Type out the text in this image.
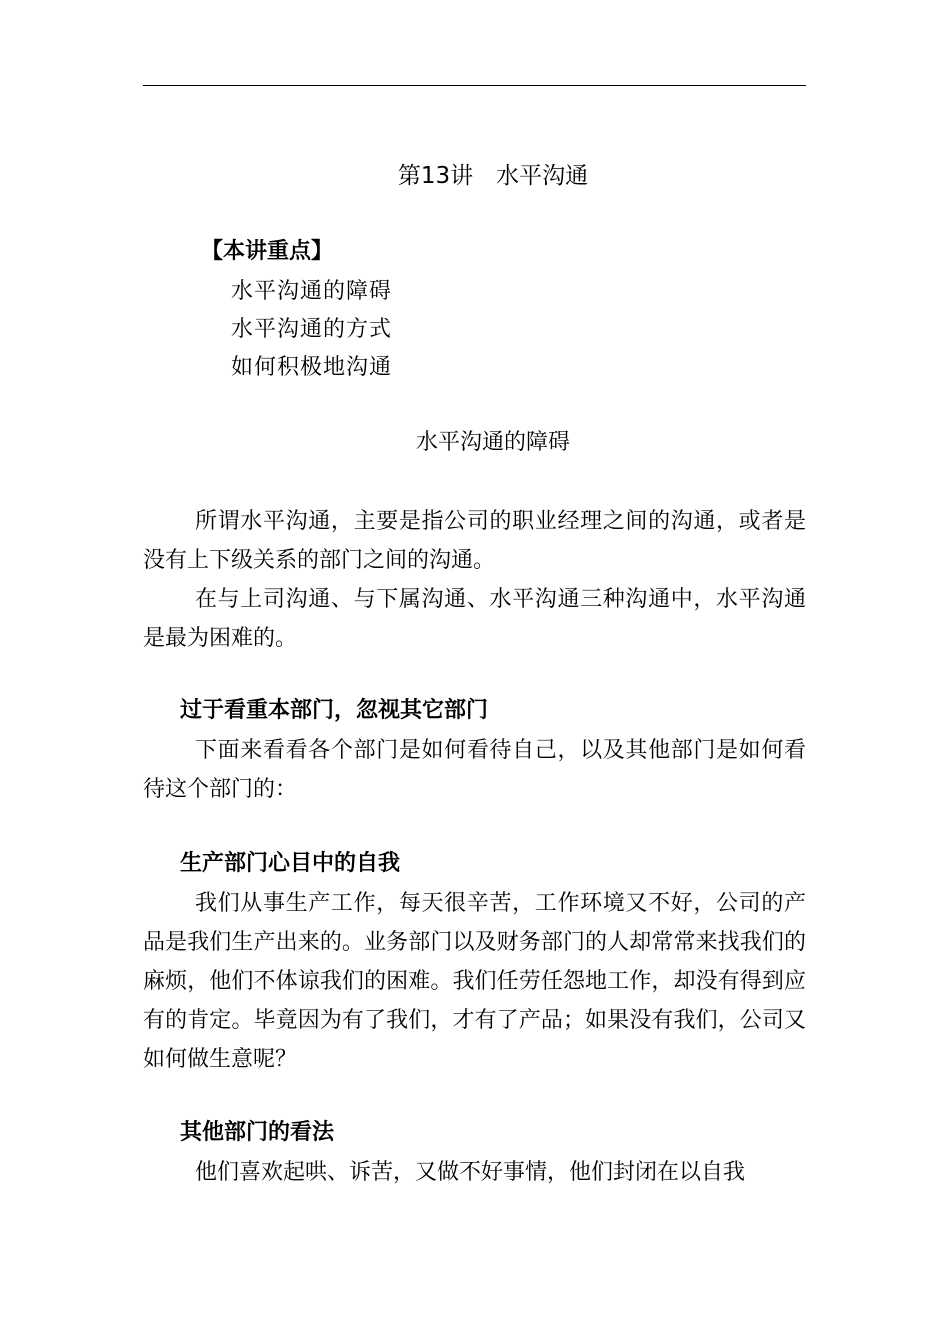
第13讲　水平沟通
【本讲重点】
水平沟通的障碍
水平沟通的方式
如何积极地沟通
水平沟通的障碍

所谓水平沟通，主要是指公司的职业经理之间的沟通，或者是没有上下级关系的部门之间的沟通。

在与上司沟通、与下属沟通、水平沟通三种沟通中，水平沟通是最为困难的。

过于看重本部门，忽视其它部门

下面来看看各个部门是如何看待自己，以及其他部门是如何看待这个部门的：

生产部门心目中的自我

我们从事生产工作，每天很辛苦，工作环境又不好，公司的产品是我们生产出来的。业务部门以及财务部门的人却常常来找我们的麻烦，他们不体谅我们的困难。我们任劳任怨地工作，却没有得到应有的肯定。毕竟因为有了我们，才有了产品；如果没有我们，公司又如何做生意呢？

其他部门的看法

他们喜欢起哄、诉苦，又做不好事情，他们封闭在以自我
